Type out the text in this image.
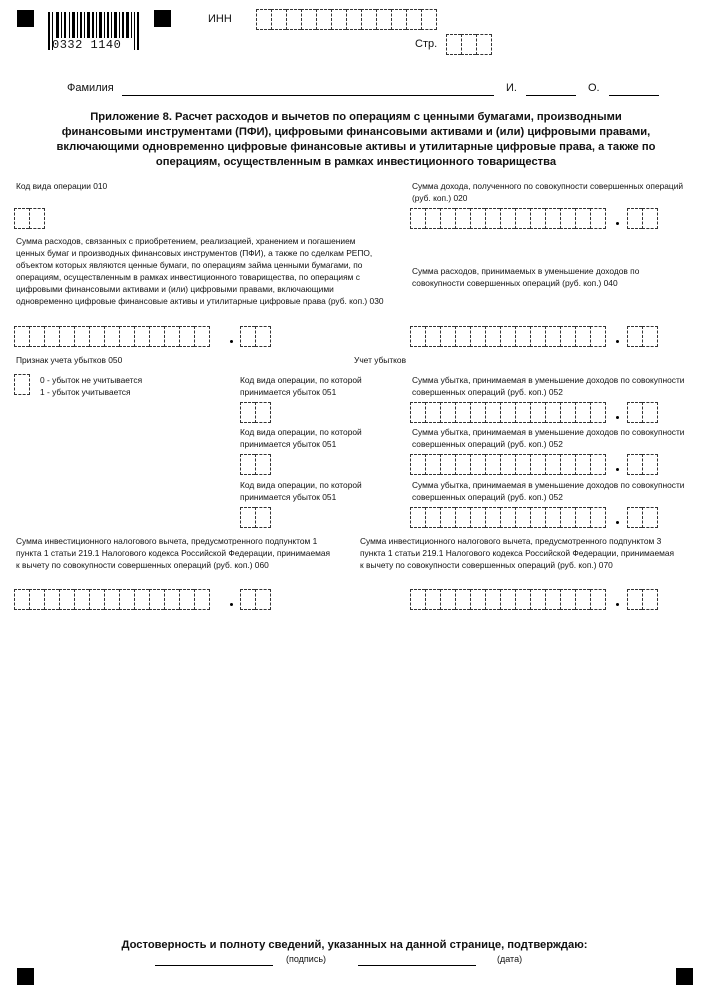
0332 1140
ИНН
Стр.
Фамилия	И.	О.
Приложение 8. Расчет расходов и вычетов по операциям с ценными бумагами, производными финансовыми инструментами (ПФИ), цифровыми финансовыми активами и (или) цифровыми правами, включающими одновременно цифровые финансовые активы и утилитарные цифровые права, а также по операциям, осуществленным в рамках инвестиционного товарищества
Код вида операции 010	Сумма дохода, полученного по совокупности совершенных операций (руб. коп.) 020
Сумма расходов, связанных с приобретением, реализацией, хранением и погашением ценных бумаг и производных финансовых инструментов (ПФИ), а также по сделкам РЕПО, объектом которых являются ценные бумаги, по операциям займа ценными бумагами, по операциям, осуществленным в рамках инвестиционного товарищества, по операциям с цифровыми финансовыми активами и (или) цифровыми правами, включающими одновременно цифровые финансовые активы и утилитарные цифровые права (руб. коп.) 030
Сумма расходов, принимаемых в уменьшение доходов по совокупности совершенных операций (руб. коп.) 040
Признак учета убытков 050
0 - убыток не учитывается
1 - убыток учитывается
Учет убытков
Код вида операции, по которой принимается убыток 051
Сумма убытка, принимаемая в уменьшение доходов по совокупности совершенных операций (руб. коп.) 052
Код вида операции, по которой принимается убыток 051
Сумма убытка, принимаемая в уменьшение доходов по совокупности совершенных операций (руб. коп.) 052
Код вида операции, по которой принимается убыток 051
Сумма убытка, принимаемая в уменьшение доходов по совокупности совершенных операций (руб. коп.) 052
Сумма инвестиционного налогового вычета, предусмотренного подпунктом 1 пункта 1 статьи 219.1 Налогового кодекса Российской Федерации, принимаемая к вычету по совокупности совершенных операций (руб. коп.) 060
Сумма инвестиционного налогового вычета, предусмотренного подпунктом 3 пункта 1 статьи 219.1 Налогового кодекса Российской Федерации, принимаемая к вычету по совокупности совершенных операций (руб. коп.) 070
Достоверность и полноту сведений, указанных на данной странице, подтверждаю:
(подпись)	(дата)
